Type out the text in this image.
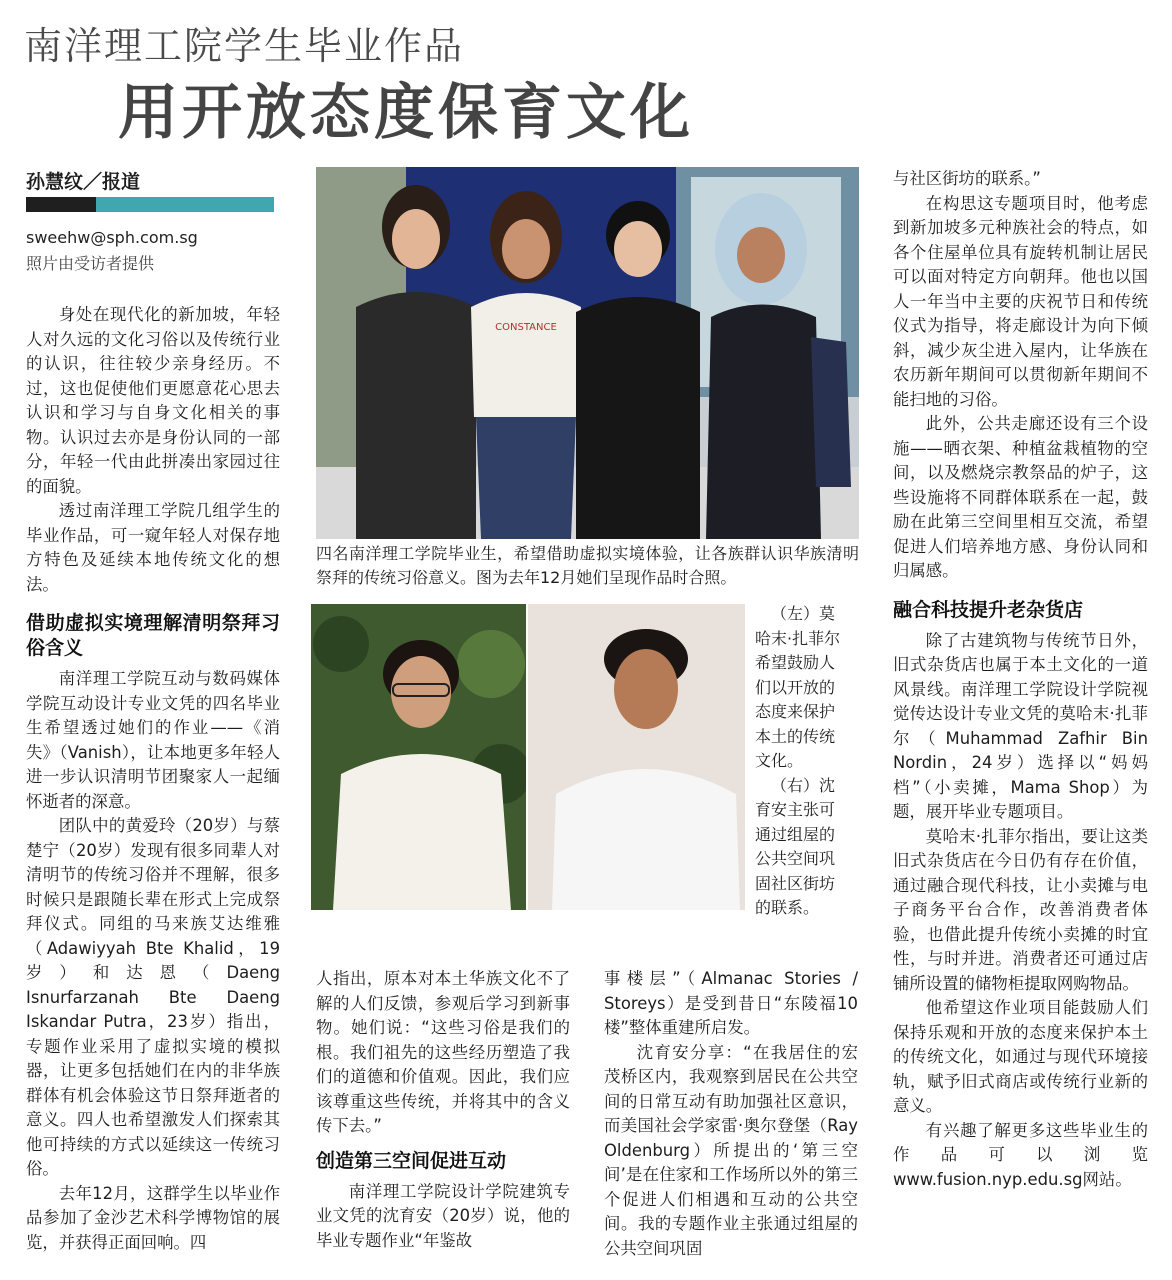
南洋理工院学生毕业作品
用开放态度保育文化
孙慧纹／报道
sweehw@sph.com.sg
照片由受访者提供

身处在现代化的新加坡，年轻人对久远的文化习俗以及传统行业的认识，往往较少亲身经历。不过，这也促使他们更愿意花心思去认识和学习与自身文化相关的事物。认识过去亦是身份认同的一部分，年轻一代由此拼凑出家园过往的面貌。

透过南洋理工学院几组学生的毕业作品，可一窥年轻人对保存地方特色及延续本地传统文化的想法。

借助虚拟实境理解清明祭拜习俗含义

南洋理工学院互动与数码媒体学院互动设计专业文凭的四名毕业生希望透过她们的作业——《消失》（Vanish），让本地更多年轻人进一步认识清明节团聚家人一起缅怀逝者的深意。

团队中的黄爱玲（20岁）与蔡楚宁（20岁）发现有很多同辈人对清明节的传统习俗并不理解，很多时候只是跟随长辈在形式上完成祭拜仪式。同组的马来族艾达维雅（Adawiyyah Bte Khalid，19岁）和达恩（Daeng Isnurfarzanah Bte Daeng Iskandar Putra，23岁）指出，专题作业采用了虚拟实境的模拟器，让更多包括她们在内的非华族群体有机会体验这节日祭拜逝者的意义。四人也希望激发人们探索其他可持续的方式以延续这一传统习俗。

去年12月，这群学生以毕业作品参加了金沙艺术科学博物馆的展览，并获得正面回响。四

CONSTANCE
四名南洋理工学院毕业生，希望借助虚拟实境体验，让各族群认识华族清明祭拜的传统习俗意义。图为去年12月她们呈现作品时合照。

（左）莫哈末·扎菲尔希望鼓励人们以开放的态度来保护本土的传统文化。

（右）沈育安主张可通过组屋的公共空间巩固社区街坊的联系。

人指出，原本对本土华族文化不了解的人们反馈，参观后学习到新事物。她们说：“这些习俗是我们的根。我们祖先的这些经历塑造了我们的道德和价值观。因此，我们应该尊重这些传统，并将其中的含义传下去。”

创造第三空间促进互动

南洋理工学院设计学院建筑专业文凭的沈育安（20岁）说，他的毕业专题作业“年鉴故

事楼层”（Almanac Stories / Storeys）是受到昔日“东陵福10楼”整体重建所启发。

沈育安分享：“在我居住的宏茂桥区内，我观察到居民在公共空间的日常互动有助加强社区意识，而美国社会学家雷·奥尔登堡（Ray Oldenburg）所提出的‘第三空间’是在住家和工作场所以外的第三个促进人们相遇和互动的公共空间。我的专题作业主张通过组屋的公共空间巩固

与社区街坊的联系。”

在构思这专题项目时，他考虑到新加坡多元种族社会的特点，如各个住屋单位具有旋转机制让居民可以面对特定方向朝拜。他也以国人一年当中主要的庆祝节日和传统仪式为指导，将走廊设计为向下倾斜，减少灰尘进入屋内，让华族在农历新年期间可以贯彻新年期间不能扫地的习俗。

此外，公共走廊还设有三个设施——晒衣架、种植盆栽植物的空间，以及燃烧宗教祭品的炉子，这些设施将不同群体联系在一起，鼓励在此第三空间里相互交流，希望促进人们培养地方感、身份认同和归属感。

融合科技提升老杂货店

除了古建筑物与传统节日外，旧式杂货店也属于本土文化的一道风景线。南洋理工学院设计学院视觉传达设计专业文凭的莫哈末·扎菲尔（Muhammad Zafhir Bin Nordin，24岁）选择以“妈妈档”（小卖摊，Mama Shop）为题，展开毕业专题项目。

莫哈末·扎菲尔指出，要让这类旧式杂货店在今日仍有存在价值，通过融合现代科技，让小卖摊与电子商务平台合作，改善消费者体验，也借此提升传统小卖摊的时宜性，与时并进。消费者还可通过店铺所设置的储物柜提取网购物品。

他希望这作业项目能鼓励人们保持乐观和开放的态度来保护本土的传统文化，如通过与现代环境接轨，赋予旧式商店或传统行业新的意义。

有兴趣了解更多这些毕业生的作品可以浏览www.fusion.nyp.edu.sg网站。
